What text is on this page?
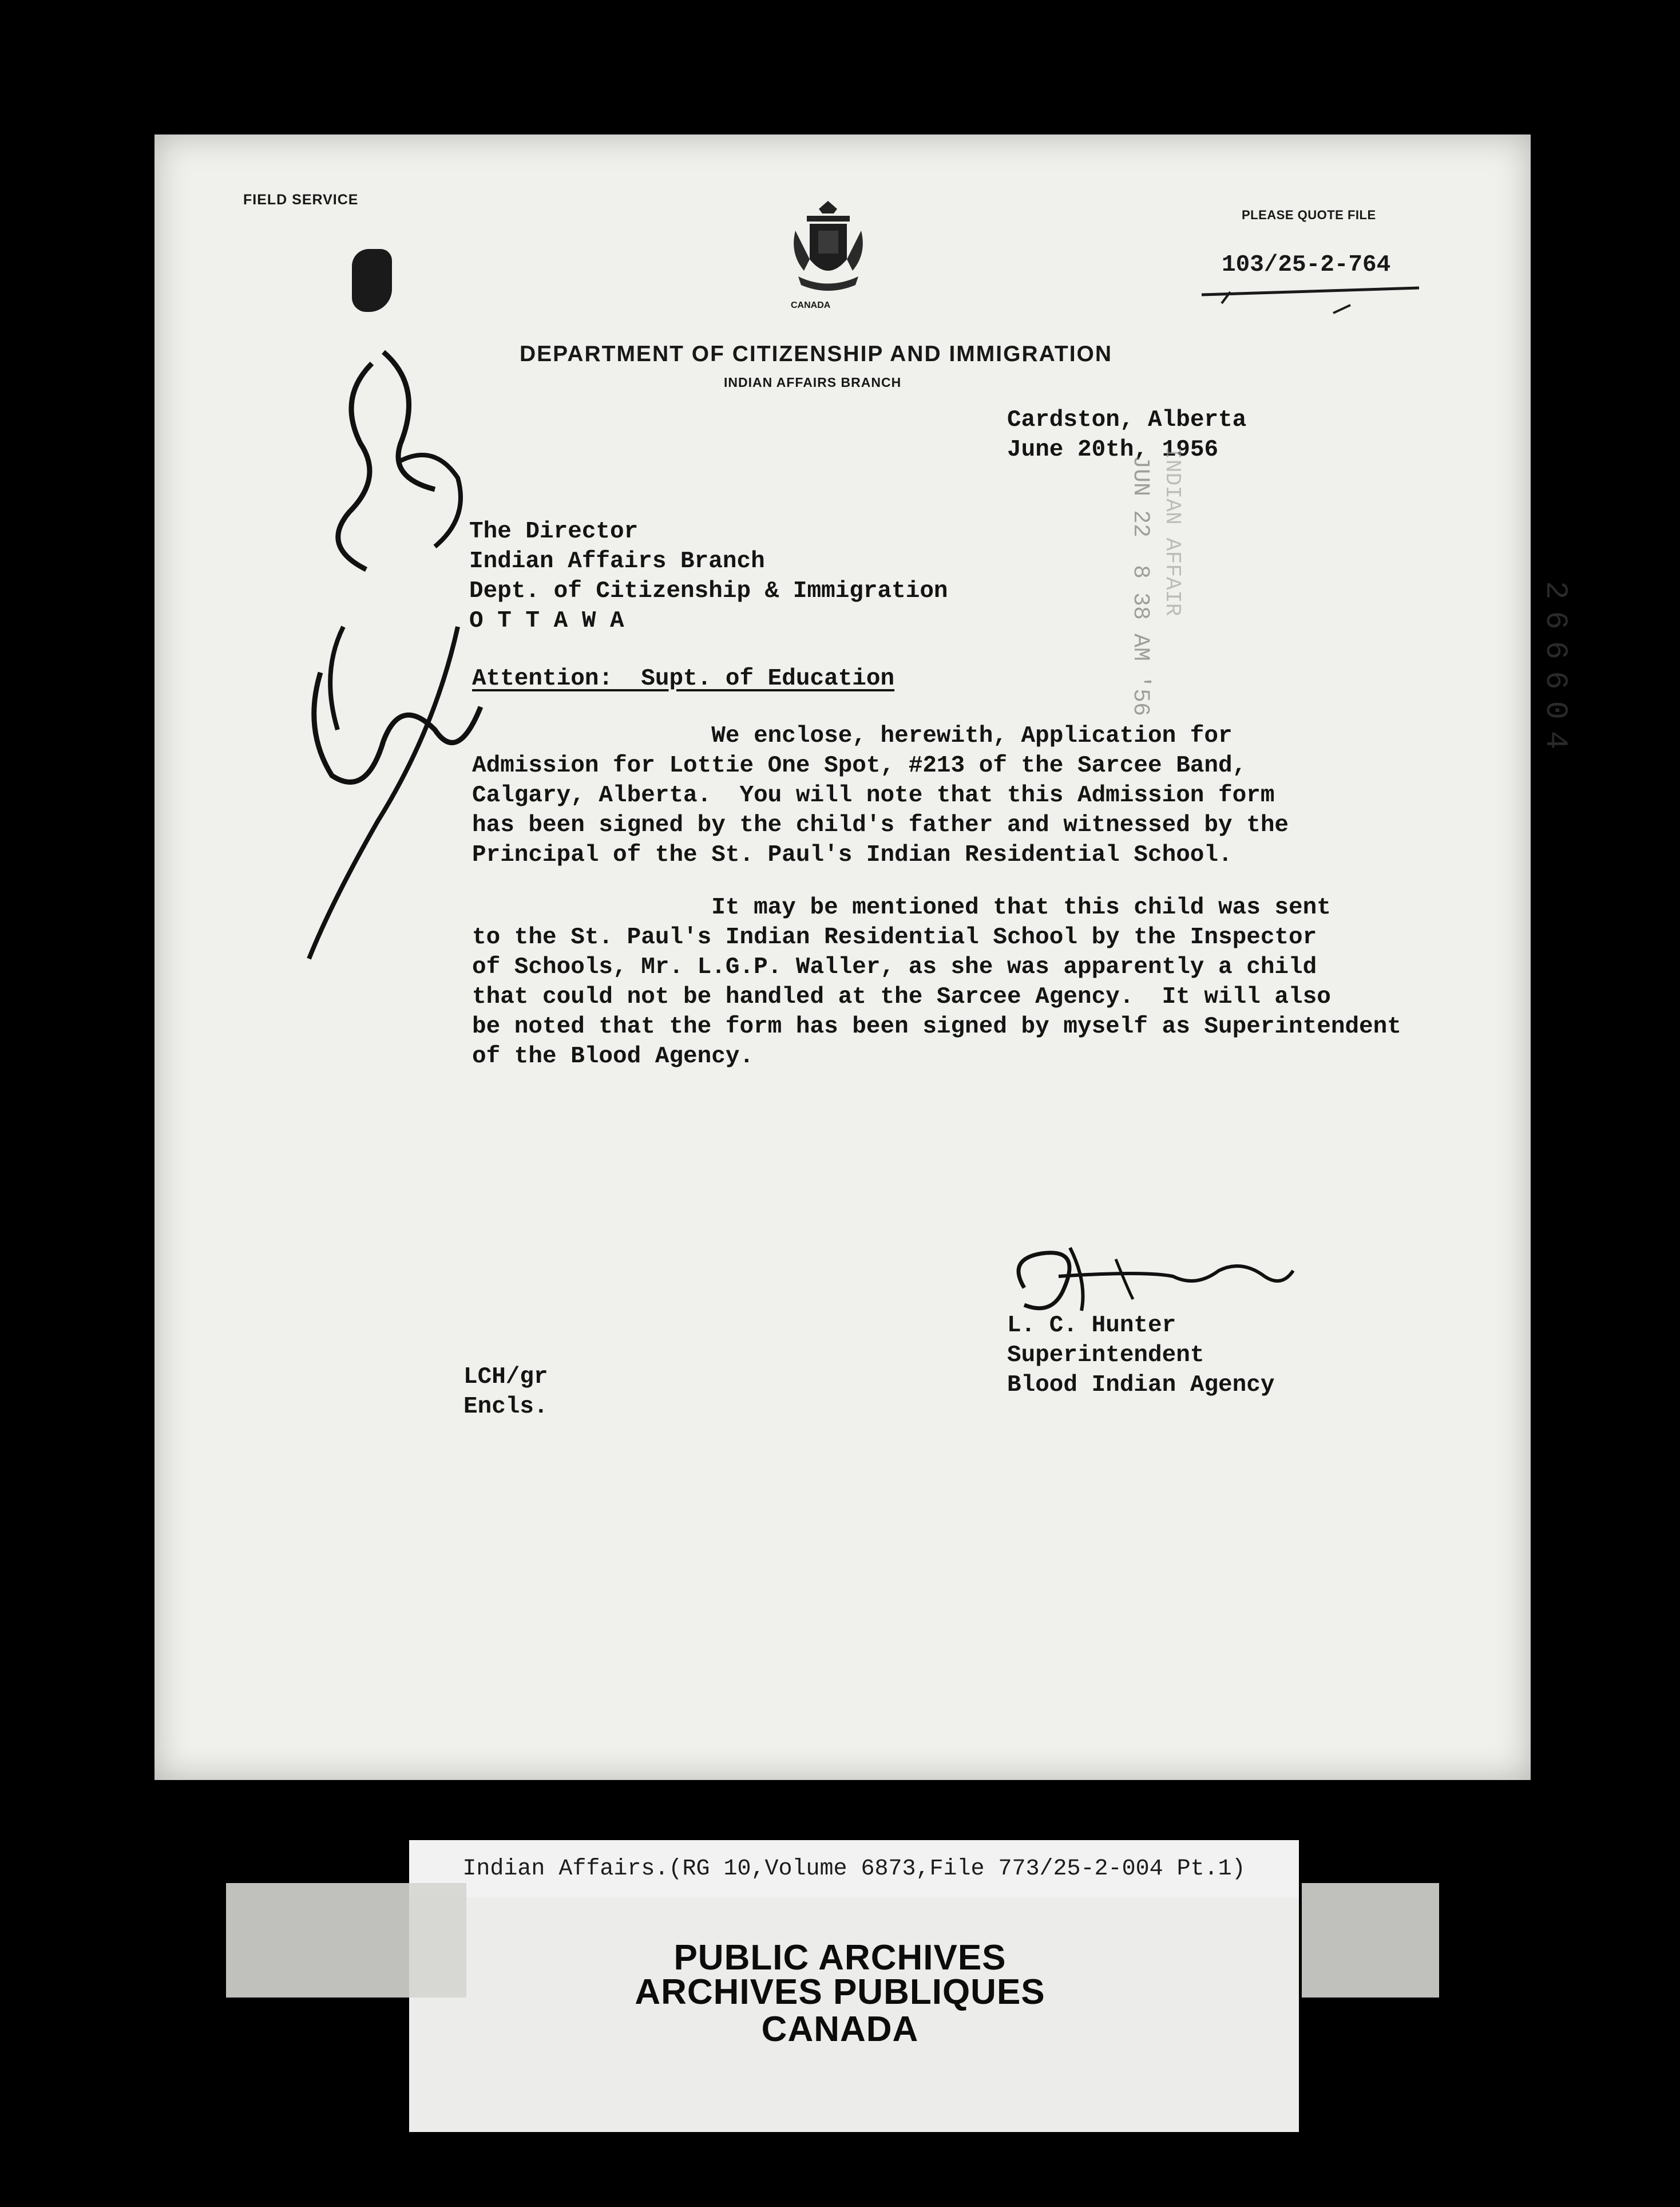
FIELD SERVICE
CANADA
PLEASE QUOTE FILE
103/25-2-764
DEPARTMENT OF CITIZENSHIP AND IMMIGRATION
INDIAN AFFAIRS BRANCH
Cardston, Alberta
June 20th, 1956
JUN 22  8 38 AM '56 INDIAN AFFAIR
266604
The Director
Indian Affairs Branch
Dept. of Citizenship & Immigration
O T T A W A
Attention:  Supt. of Education
We enclose, herewith, Application for
Admission for Lottie One Spot, #213 of the Sarcee Band,
Calgary, Alberta.  You will note that this Admission form
has been signed by the child's father and witnessed by the
Principal of the St. Paul's Indian Residential School.
It may be mentioned that this child was sent
to the St. Paul's Indian Residential School by the Inspector
of Schools, Mr. L.G.P. Waller, as she was apparently a child
that could not be handled at the Sarcee Agency.  It will also
be noted that the form has been signed by myself as Superintendent
of the Blood Agency.
L. C. Hunter
Superintendent
Blood Indian Agency
LCH/gr
Encls.
Indian Affairs.(RG 10,Volume 6873,File 773/25-2-004 Pt.1)
PUBLIC ARCHIVES
ARCHIVES PUBLIQUES
CANADA
